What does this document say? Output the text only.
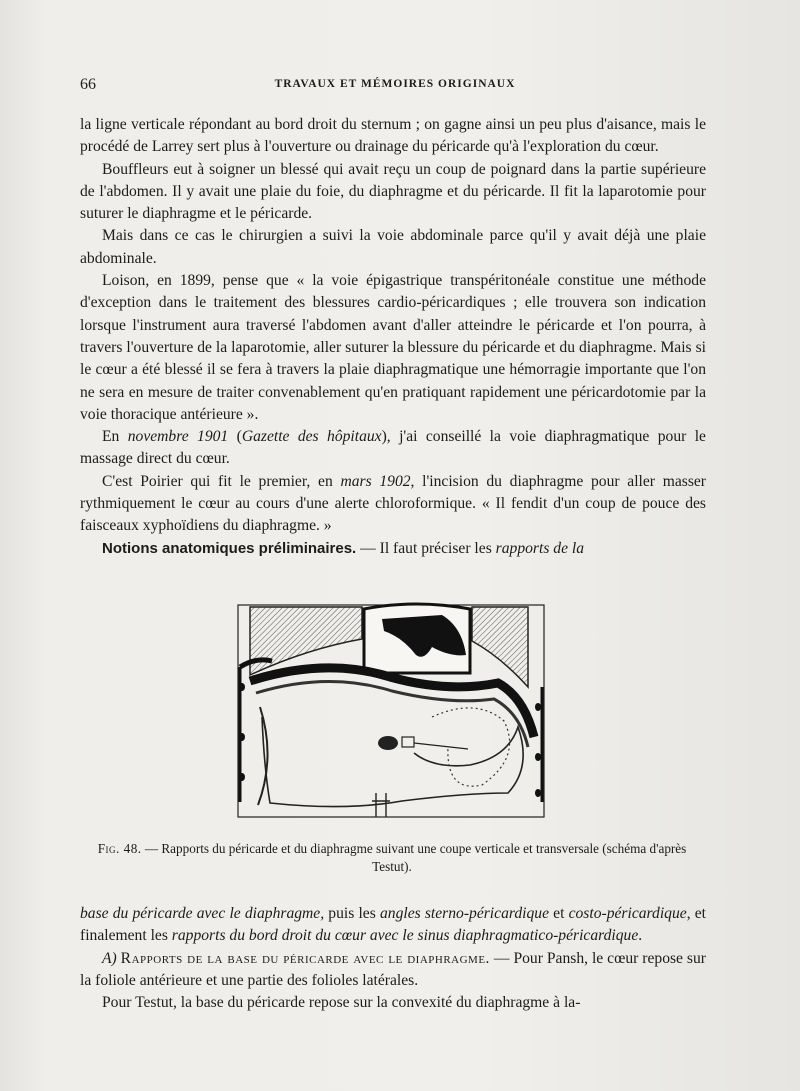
66	TRAVAUX ET MÉMOIRES ORIGINAUX

la ligne verticale répondant au bord droit du sternum ; on gagne ainsi un peu plus d'aisance, mais le procédé de Larrey sert plus à l'ouverture ou drainage du péricarde qu'à l'exploration du cœur.

Bouffleurs eut à soigner un blessé qui avait reçu un coup de poignard dans la partie supérieure de l'abdomen. Il y avait une plaie du foie, du diaphragme et du péricarde. Il fit la laparotomie pour suturer le diaphragme et le péricarde.

Mais dans ce cas le chirurgien a suivi la voie abdominale parce qu'il y avait déjà une plaie abdominale.

Loison, en 1899, pense que « la voie épigastrique transpéritonéale constitue une méthode d'exception dans le traitement des blessures cardio-péricardiques ; elle trouvera son indication lorsque l'instrument aura traversé l'abdomen avant d'aller atteindre le péricarde et l'on pourra, à travers l'ouverture de la laparotomie, aller suturer la blessure du péricarde et du diaphragme. Mais si le cœur a été blessé il se fera à travers la plaie diaphragmatique une hémorragie importante que l'on ne sera en mesure de traiter convenablement qu'en pratiquant rapidement une péricardotomie par la voie thoracique antérieure ».

En novembre 1901 (Gazette des hôpitaux), j'ai conseillé la voie diaphragmatique pour le massage direct du cœur.

C'est Poirier qui fit le premier, en mars 1902, l'incision du diaphragme pour aller masser rythmiquement le cœur au cours d'une alerte chloroformique. « Il fendit d'un coup de pouce des faisceaux xyphoïdiens du diaphragme. »

Notions anatomiques préliminaires. — Il faut préciser les rapports de la

Fig. 48. — Rapports du péricarde et du diaphragme suivant une coupe verticale et transversale (schéma d'après Testut).

base du péricarde avec le diaphragme, puis les angles sterno-péricardique et costo-péricardique, et finalement les rapports du bord droit du cœur avec le sinus diaphragmatico-péricardique.

A) Rapports de la base du péricarde avec le diaphragme. — Pour Pansh, le cœur repose sur la foliole antérieure et une partie des folioles latérales.

Pour Testut, la base du péricarde repose sur la convexité du diaphragme à la-
